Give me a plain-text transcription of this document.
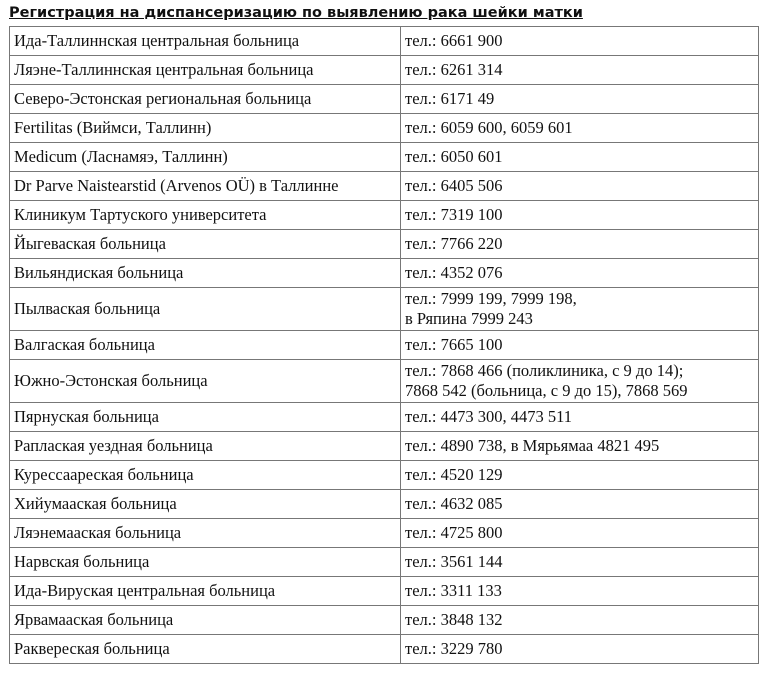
Регистрация на диспансеризацию по выявлению рака шейки матки
Ида-Таллиннская центральная больница	тел.: 6661 900

Ляэне-Таллиннская центральная больница	тел.: 6261 314

Северо-Эстонская региональная больница	тел.: 6171 49

Fertilitas (Виймси, Таллинн)	тел.: 6059 600, 6059 601

Medicum (Ласнамяэ, Таллинн)	тел.: 6050 601

Dr Parve Naistearstid (Arvenos OÜ) в Таллинне	тел.: 6405 506

Клиникум Тартуского университета	тел.: 7319 100

Йыгеваская больница	тел.: 7766 220

Вильяндиская больница	тел.: 4352 076

Пылваская больница	тел.: 7999 199, 7999 198,
в Ряпина 7999 243

Валгаская больница	тел.: 7665 100

Южно-Эстонская больница	тел.: 7868 466 (поликлиника, с 9 до 14);
7868 542 (больница, с 9 до 15), 7868 569

Пярнуская больница	тел.: 4473 300, 4473 511

Раплаская уездная больница	тел.: 4890 738, в Мярьямаа 4821 495

Курессаареская больница	тел.: 4520 129

Хийумааская больница	тел.: 4632 085

Ляэнемааская больница	тел.: 4725 800

Нарвская больница	тел.: 3561 144

Ида-Вируская центральная больница	тел.: 3311 133

Ярвамааская больница	тел.: 3848 132

Раквереская больница	тел.: 3229 780
